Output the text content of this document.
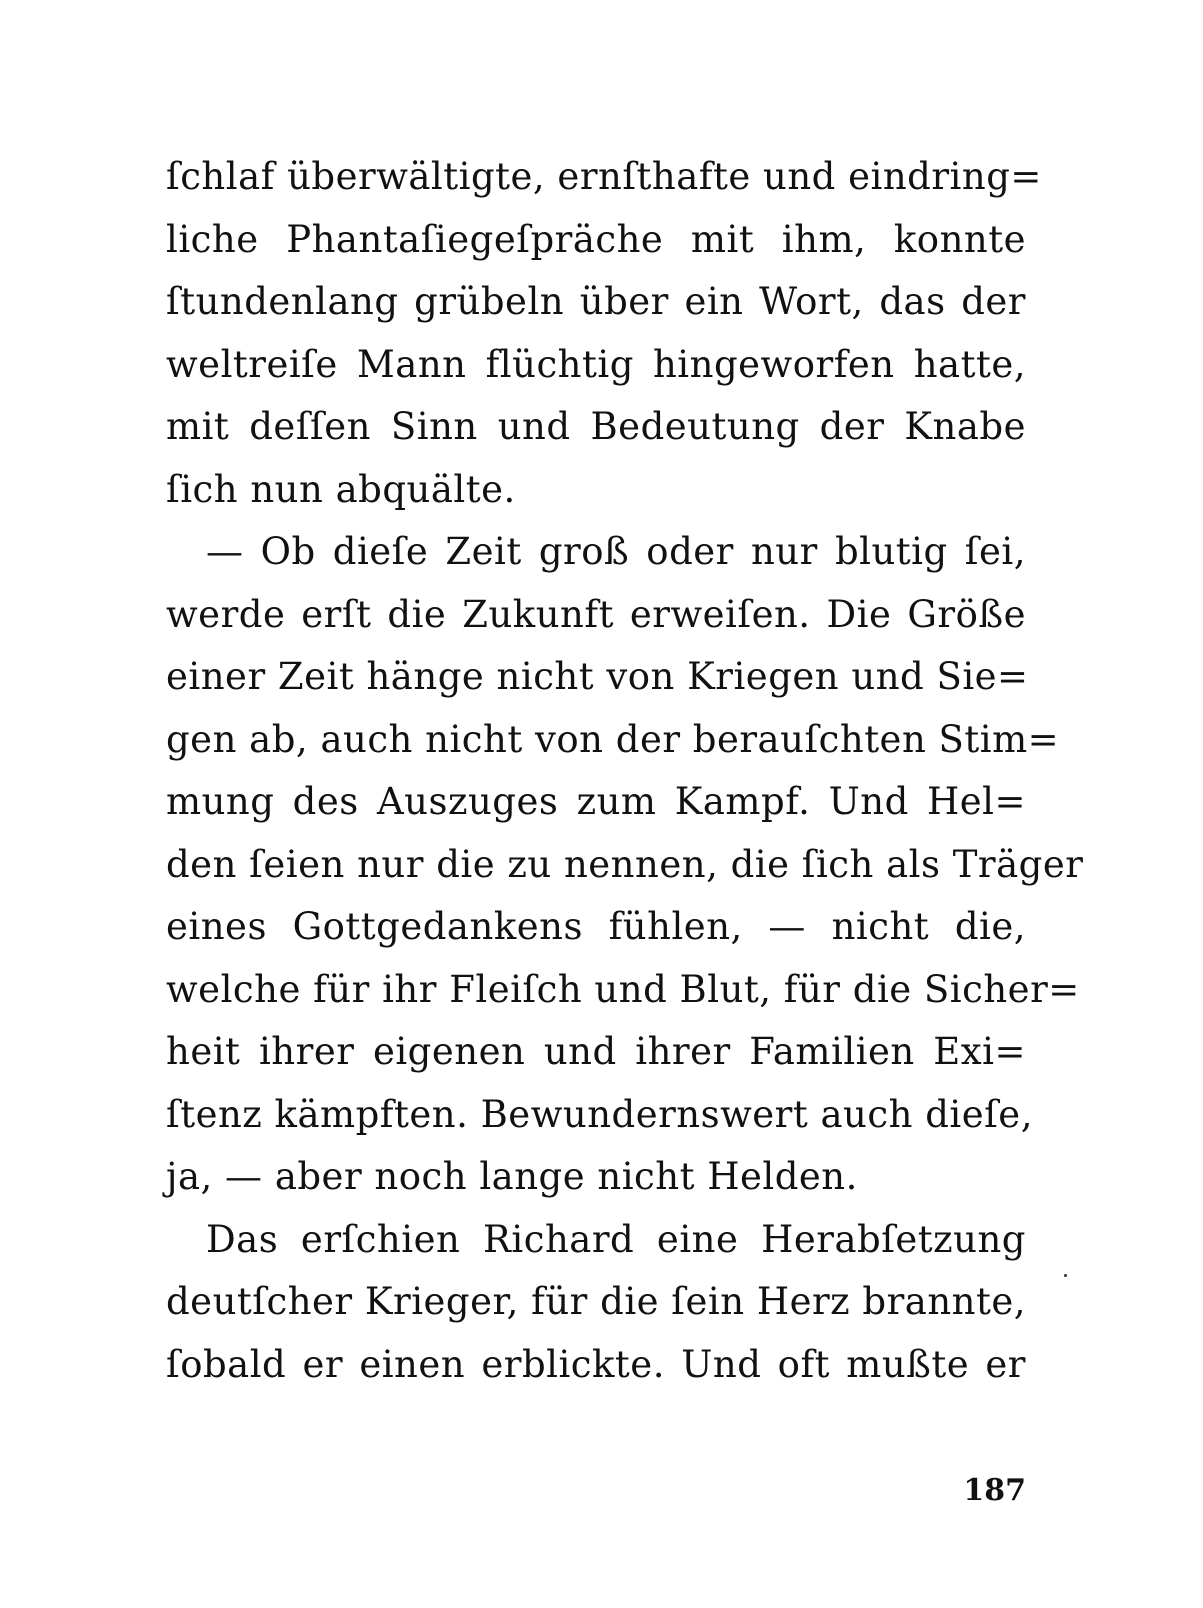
ſchlaf überwältigte, ernſthafte und eindring=
liche Phantaſiegeſpräche mit ihm, konnte
ſtundenlang grübeln über ein Wort, das der
weltreiſe Mann flüchtig hingeworfen hatte,
mit deſſen Sinn und Bedeutung der Knabe
ſich nun abquälte.
— Ob dieſe Zeit groß oder nur blutig ſei,
werde erſt die Zukunft erweiſen. Die Größe
einer Zeit hänge nicht von Kriegen und Sie=
gen ab, auch nicht von der berauſchten Stim=
mung des Auszuges zum Kampf. Und Hel=
den ſeien nur die zu nennen, die ſich als Träger
eines Gottgedankens fühlen, — nicht die,
welche für ihr Fleiſch und Blut, für die Sicher=
heit ihrer eigenen und ihrer Familien Exi=
ſtenz kämpften. Bewundernswert auch dieſe,
ja, — aber noch lange nicht Helden.
Das erſchien Richard eine Herabſetzung
deutſcher Krieger, für die ſein Herz brannte,
ſobald er einen erblickte. Und oft mußte er
187
